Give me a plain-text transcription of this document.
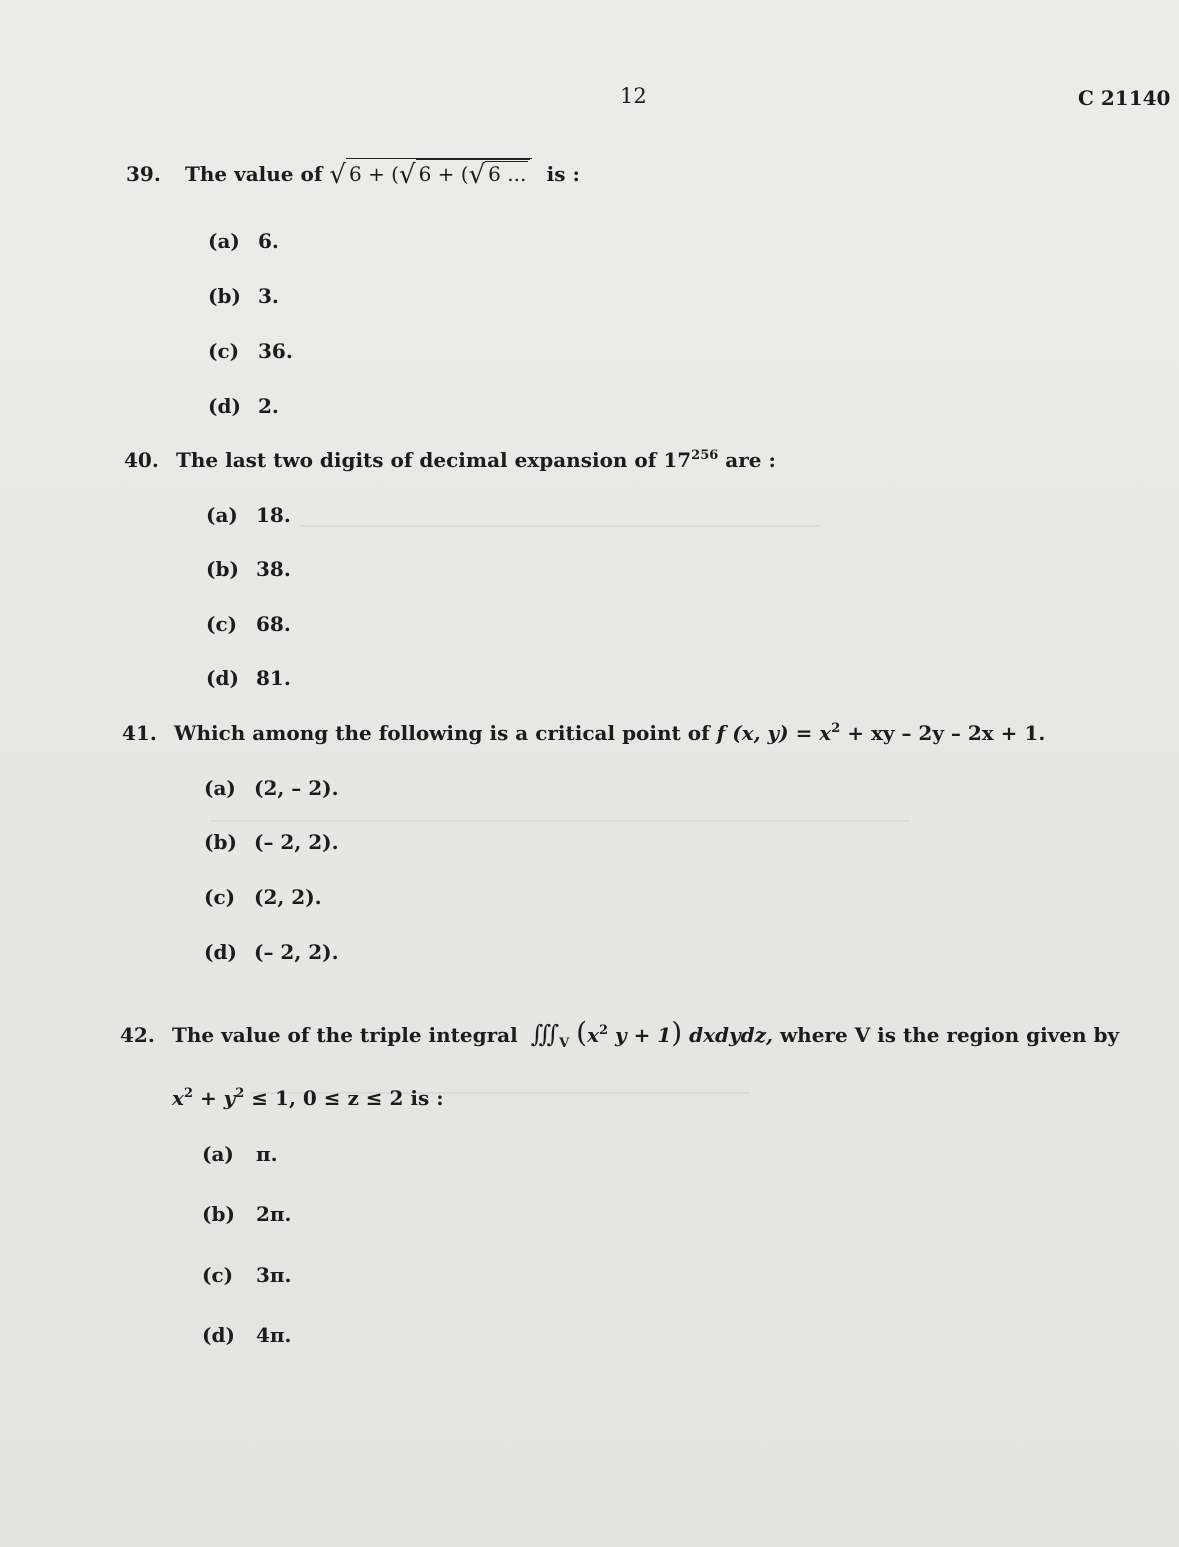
12	C 21140
39. The value of √ 6 + (√ 6 + (√ 6 ... is :
(a) 6.
(b) 3.
(c) 36.
(d) 2.
40. The last two digits of decimal expansion of $17^{256}$ are :
(a) 18.
(b) 38.
(c) 68.
(d) 81.
41. Which among the following is a critical point of f (x, $y) = x^2$ + xy – 2y – 2x + 1.
(a) (2, – 2).
(b) (– 2, 2).
(c) (2, 2).
(d) (– 2, 2).
42. The value of the triple integral $∭_V$ ($x^2$ y + 1) dxdydz, where V is the region given by
$x^2 + y^2 \le 1$, 0 ≤ z ≤ 2 is :
(a) π.
(b) 2π.
(c) 3π.
(d) 4π.
